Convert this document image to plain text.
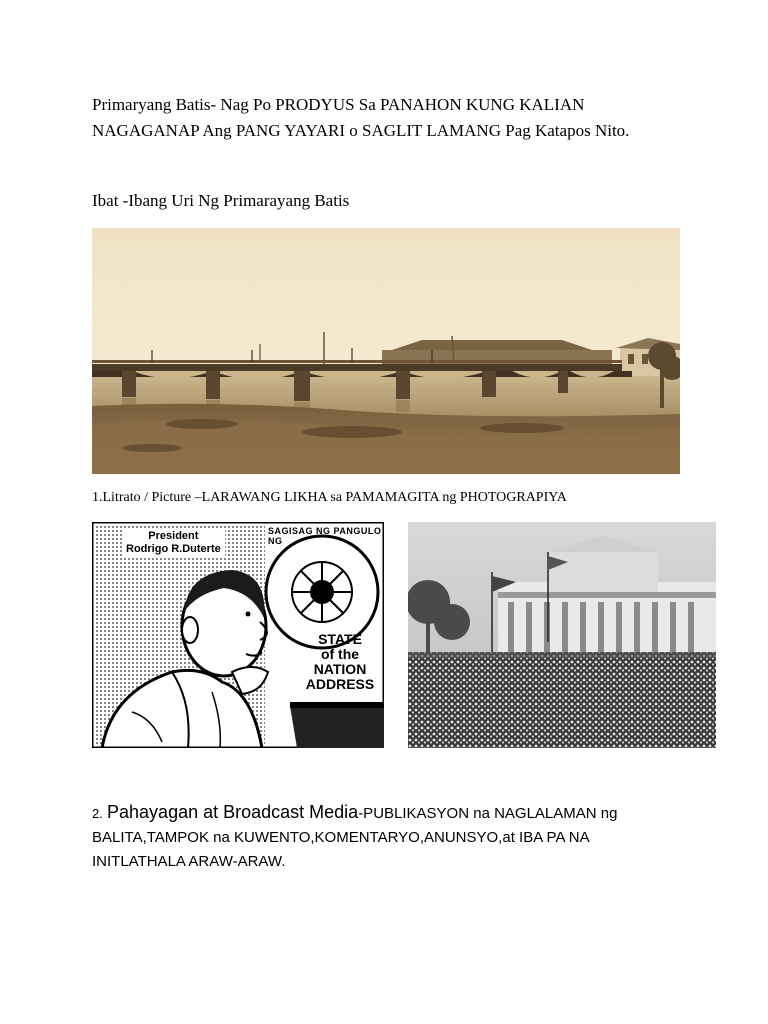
Primaryang Batis- Nag Po PRODYUS Sa PANAHON KUNG KALIAN
NAGAGANAP Ang PANG YAYARI o SAGLIT LAMANG Pag Katapos Nito.
Ibat -Ibang Uri Ng Primarayang Batis
1.Litrato / Picture –LARAWANG LIKHA sa PAMAMAGITA ng PHOTOGRAPIYA
President
Rodrigo R.Duterte
SAGISAG NG PANGULO NG
STATE
of the
NATION
ADDRESS
2. Pahayagan at Broadcast Media-PUBLIKASYON na NAGLALAMAN ng
BALITA,TAMPOK na KUWENTO,KOMENTARYO,ANUNSYO,at IBA PA NA
INITLATHALA ARAW-ARAW.
